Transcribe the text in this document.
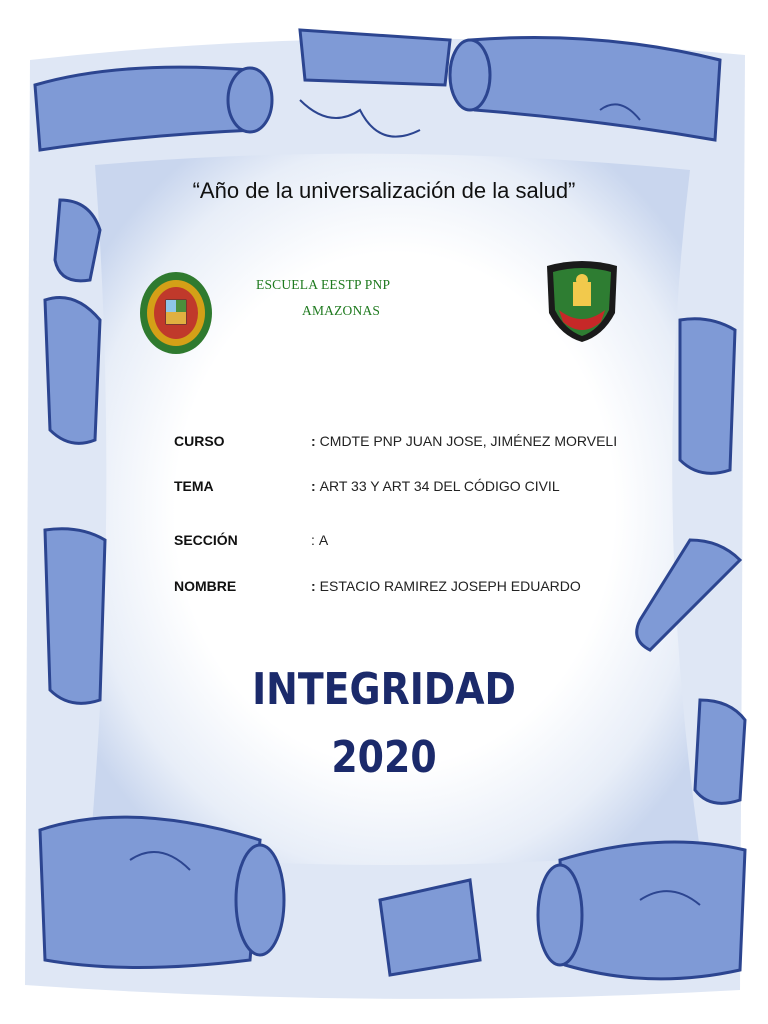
“Año de la universalización de la salud”
ESCUELA EESTP PNP
AMAZONAS
CURSO	: CMDTE PNP JUAN JOSE, JIMÉNEZ MORVELI
TEMA	: ART 33 Y ART 34 DEL CÓDIGO CIVIL
SECCIÓN	: A
NOMBRE	: ESTACIO RAMIREZ JOSEPH EDUARDO
INTEGRIDAD
2020
